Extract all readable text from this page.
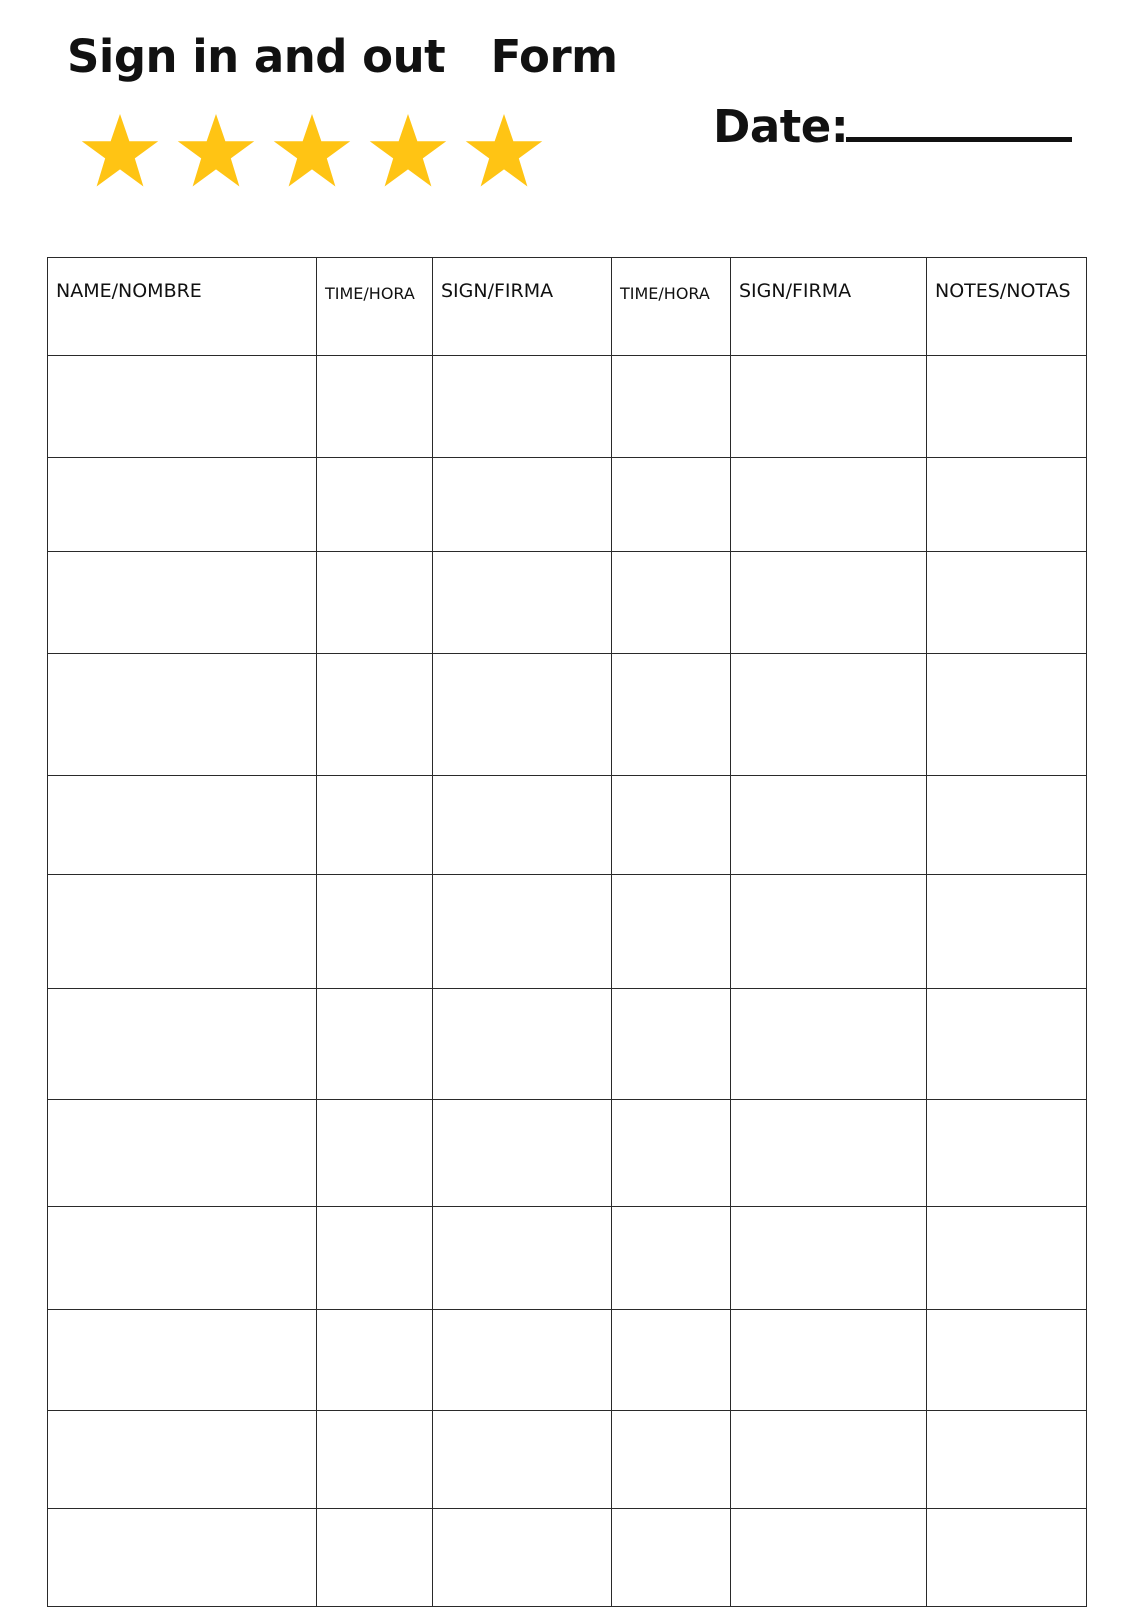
Sign in and out   Form
Date:
NAME/NOMBRE	TIME/HORA	SIGN/FIRMA	TIME/HORA	SIGN/FIRMA	NOTES/NOTAS
